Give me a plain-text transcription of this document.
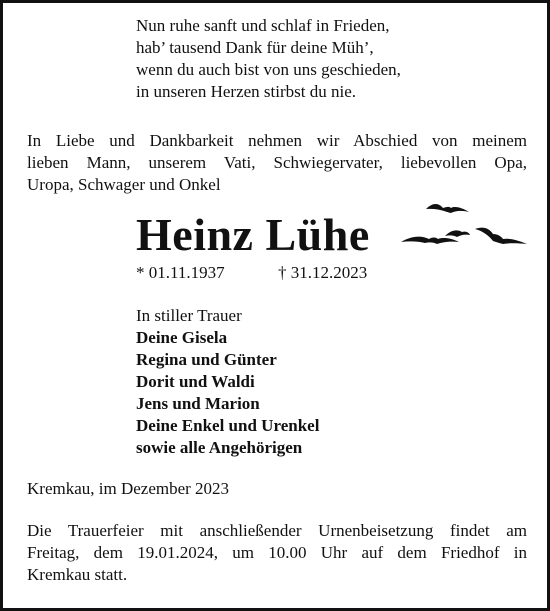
Nun ruhe sanft und schlaf in Frieden,
hab’ tausend Dank für deine Müh’,
wenn du auch bist von uns geschieden,
in unseren Herzen stirbst du nie.
In Liebe und Dankbarkeit nehmen wir Abschied von meinem
lieben Mann, unserem Vati, Schwiegervater, liebevollen Opa,
Uropa, Schwager und Onkel
Heinz Lühe
* 01.11.1937	† 31.12.2023
In stiller Trauer
Deine Gisela
Regina und Günter
Dorit und Waldi
Jens und Marion
Deine Enkel und Urenkel
sowie alle Angehörigen
Kremkau, im Dezember 2023
Die Trauerfeier mit anschließender Urnenbeisetzung findet am
Freitag, dem 19.01.2024, um 10.00 Uhr auf dem Friedhof in
Kremkau statt.
